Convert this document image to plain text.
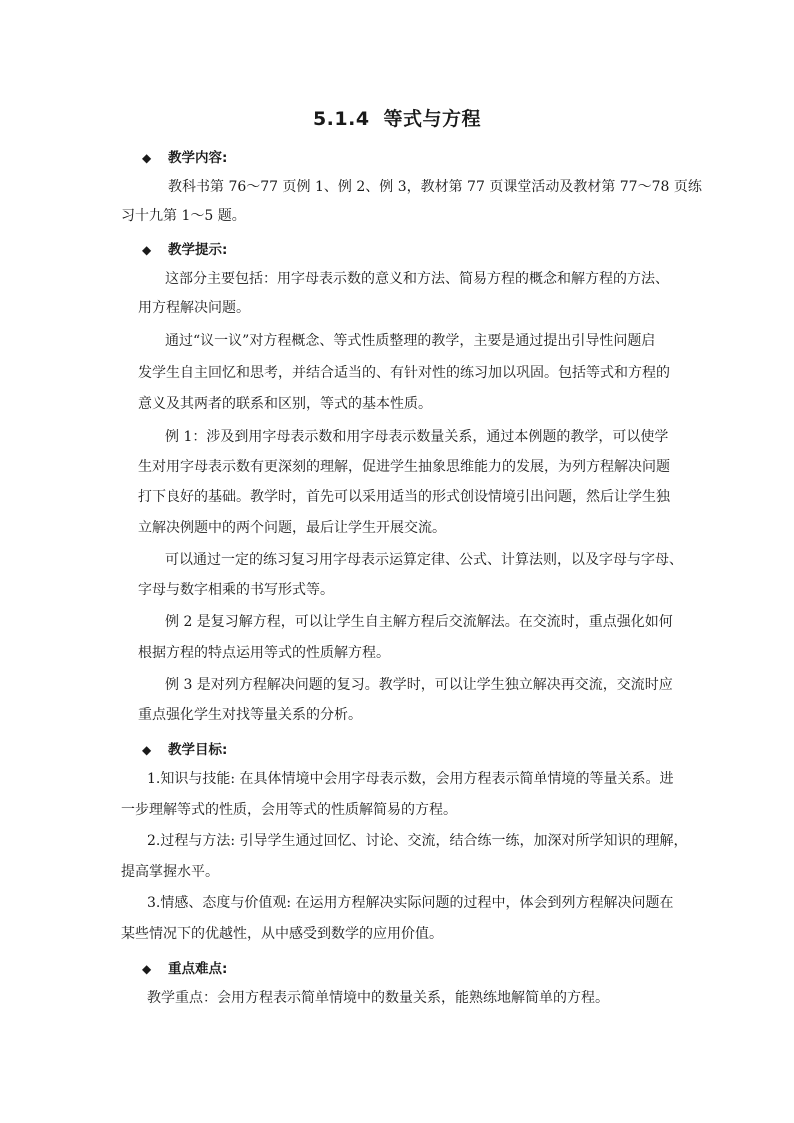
5.1.4 等式与方程
◆ 教学内容:
教科书第 76～77 页例 1、例 2、例 3，教材第 77 页课堂活动及教材第 77～78 页练
习十九第 1～5 题。
◆ 教学提示:
这部分主要包括：用字母表示数的意义和方法、简易方程的概念和解方程的方法、
用方程解决问题。
通过“议一议”对方程概念、等式性质整理的教学，主要是通过提出引导性问题启
发学生自主回忆和思考，并结合适当的、有针对性的练习加以巩固。包括等式和方程的
意义及其两者的联系和区别，等式的基本性质。
例 1：涉及到用字母表示数和用字母表示数量关系，通过本例题的教学，可以使学
生对用字母表示数有更深刻的理解，促进学生抽象思维能力的发展，为列方程解决问题
打下良好的基础。教学时，首先可以采用适当的形式创设情境引出问题，然后让学生独
立解决例题中的两个问题，最后让学生开展交流。
可以通过一定的练习复习用字母表示运算定律、公式、计算法则，以及字母与字母、
字母与数字相乘的书写形式等。
例 2 是复习解方程，可以让学生自主解方程后交流解法。在交流时，重点强化如何
根据方程的特点运用等式的性质解方程。
例 3 是对列方程解决问题的复习。教学时，可以让学生独立解决再交流，交流时应
重点强化学生对找等量关系的分析。
◆ 教学目标:
1.知识与技能: 在具体情境中会用字母表示数，会用方程表示简单情境的等量关系。进
一步理解等式的性质，会用等式的性质解简易的方程。
2.过程与方法: 引导学生通过回忆、讨论、交流，结合练一练，加深对所学知识的理解，
提高掌握水平。
3.情感、态度与价值观: 在运用方程解决实际问题的过程中，体会到列方程解决问题在
某些情况下的优越性，从中感受到数学的应用价值。
◆ 重点难点:
教学重点：会用方程表示简单情境中的数量关系，能熟练地解简单的方程。
